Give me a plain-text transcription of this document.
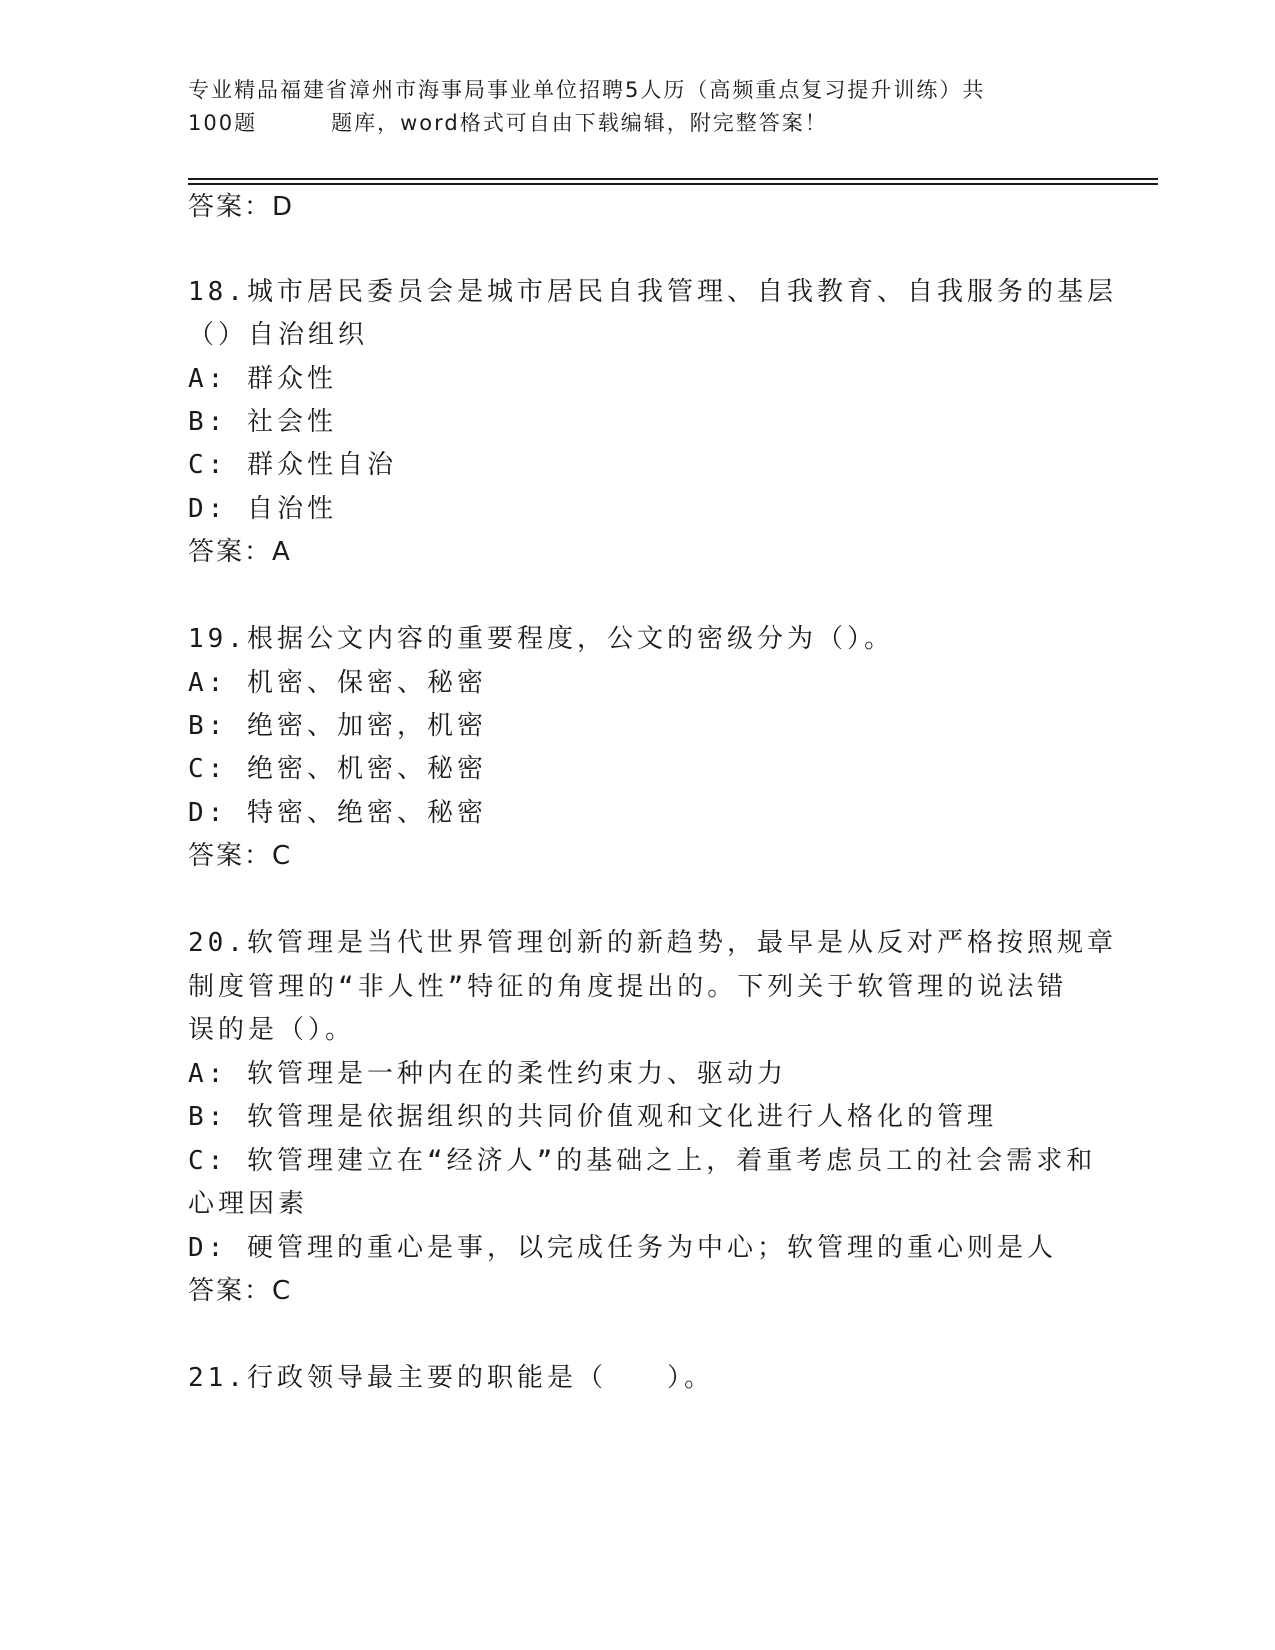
专业精品福建省漳州市海事局事业单位招聘5人历（高频重点复习提升训练）共
100题	题库，word格式可自由下载编辑，附完整答案！
答案：D
18.城市居民委员会是城市居民自我管理、自我教育、自我服务的基层
（）自治组织
A: 群众性
B: 社会性
C: 群众性自治
D: 自治性
答案：A
19.根据公文内容的重要程度，公文的密级分为（）。
A: 机密、保密、秘密
B: 绝密、加密，机密
C: 绝密、机密、秘密
D: 特密、绝密、秘密
答案：C
20.软管理是当代世界管理创新的新趋势，最早是从反对严格按照规章
制度管理的“非人性”特征的角度提出的。下列关于软管理的说法错
误的是（）。
A: 软管理是一种内在的柔性约束力、驱动力
B: 软管理是依据组织的共同价值观和文化进行人格化的管理
C: 软管理建立在“经济人”的基础之上，着重考虑员工的社会需求和
心理因素
D: 硬管理的重心是事，以完成任务为中心；软管理的重心则是人
答案：C
21.行政领导最主要的职能是（　　）。
